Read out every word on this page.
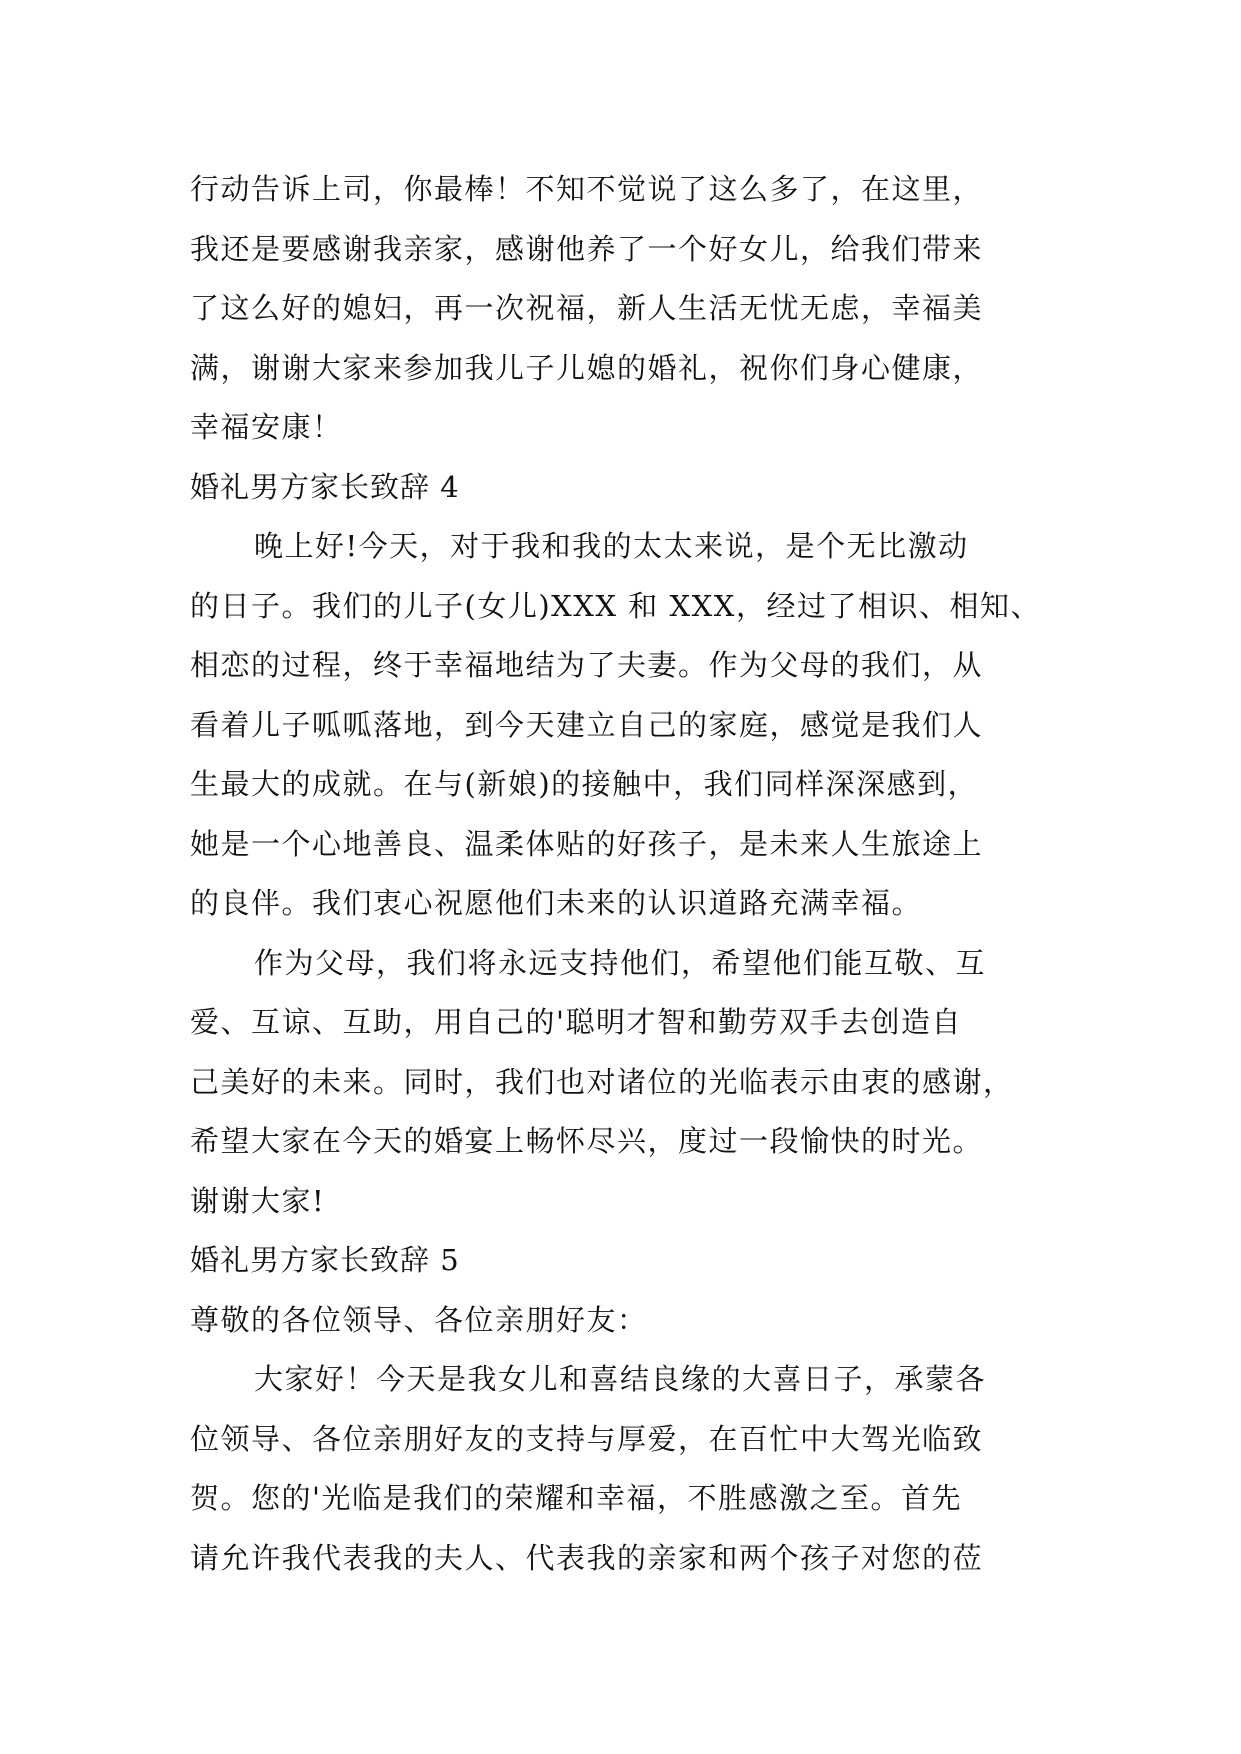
行动告诉上司，你最棒！不知不觉说了这么多了，在这里，

我还是要感谢我亲家，感谢他养了一个好女儿，给我们带来

了这么好的媳妇，再一次祝福，新人生活无忧无虑，幸福美

满，谢谢大家来参加我儿子儿媳的婚礼，祝你们身心健康，

幸福安康！

婚礼男方家长致辞 4

晚上好!今天，对于我和我的太太来说，是个无比激动

的日子。我们的儿子(女儿)XXX 和 XXX，经过了相识、相知、

相恋的过程，终于幸福地结为了夫妻。作为父母的我们，从

看着儿子呱呱落地，到今天建立自己的家庭，感觉是我们人

生最大的成就。在与(新娘)的接触中，我们同样深深感到，

她是一个心地善良、温柔体贴的好孩子，是未来人生旅途上

的良伴。我们衷心祝愿他们未来的认识道路充满幸福。

作为父母，我们将永远支持他们，希望他们能互敬、互

爱、互谅、互助，用自己的'聪明才智和勤劳双手去创造自

己美好的未来。同时，我们也对诸位的光临表示由衷的感谢，

希望大家在今天的婚宴上畅怀尽兴，度过一段愉快的时光。

谢谢大家!

婚礼男方家长致辞 5

尊敬的各位领导、各位亲朋好友：

大家好！今天是我女儿和喜结良缘的大喜日子，承蒙各

位领导、各位亲朋好友的支持与厚爱，在百忙中大驾光临致

贺。您的'光临是我们的荣耀和幸福，不胜感激之至。首先

请允许我代表我的夫人、代表我的亲家和两个孩子对您的莅
